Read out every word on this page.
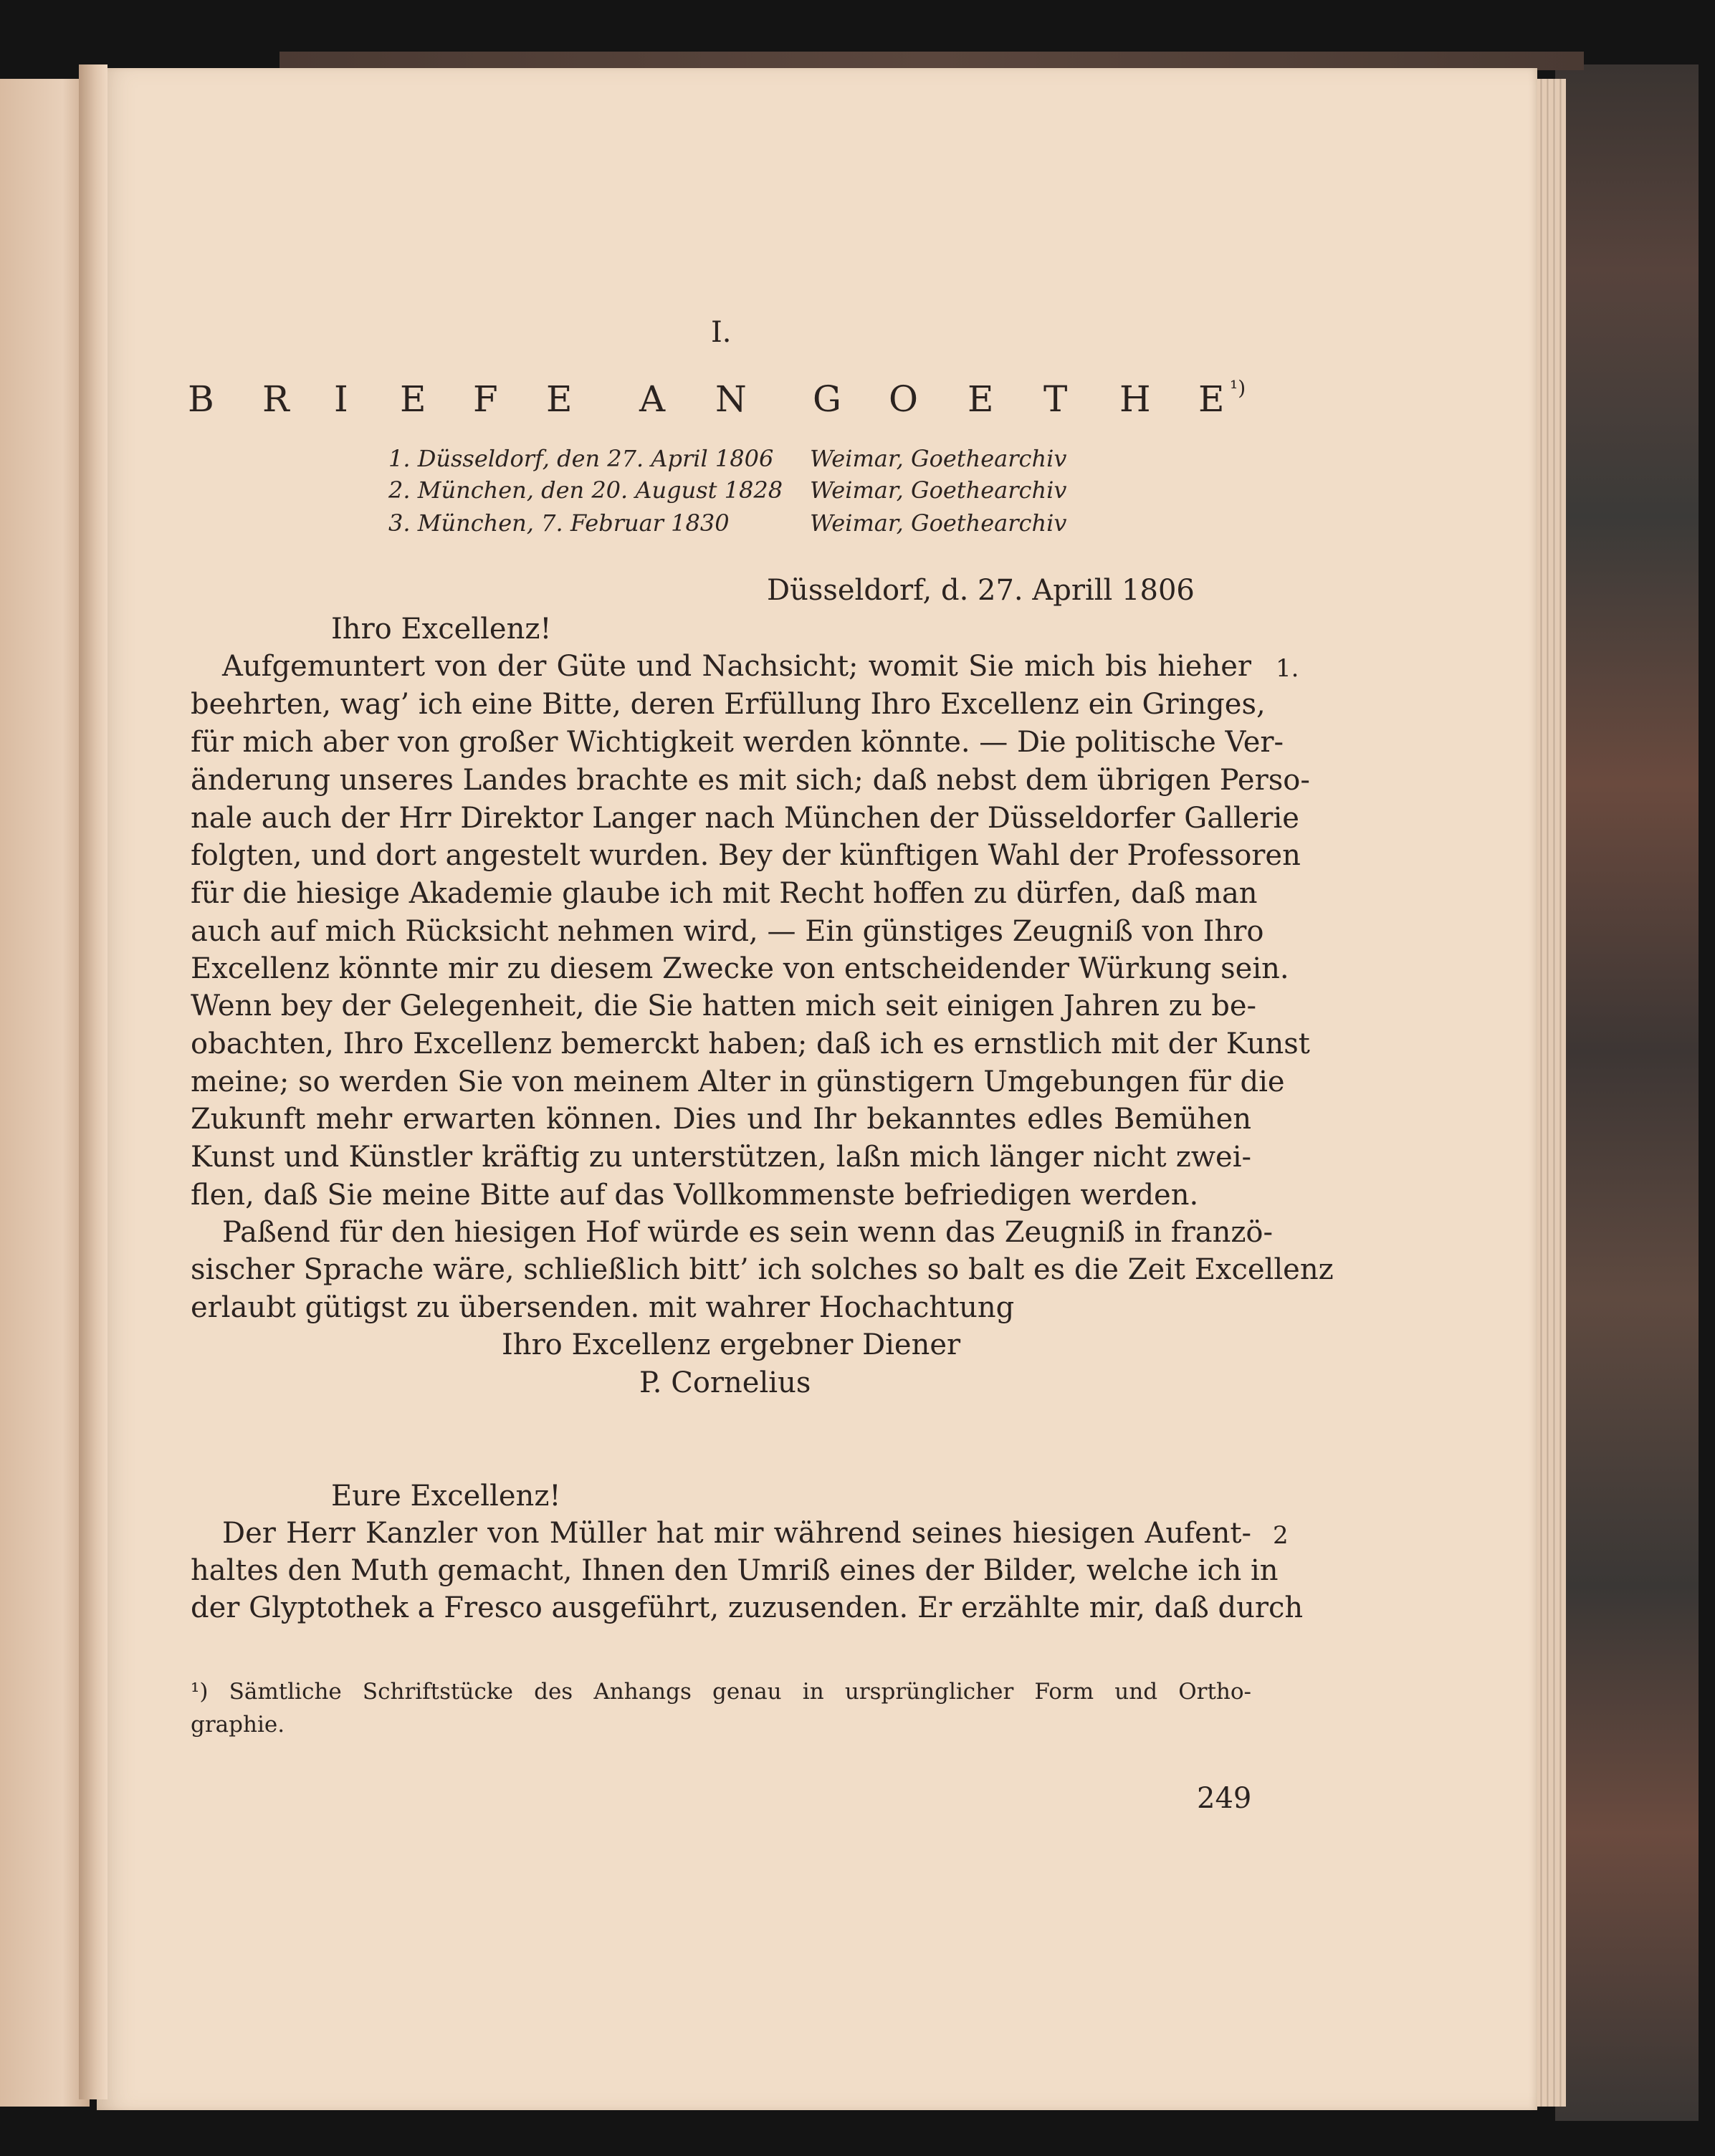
I.
B R I E F E A N G O E T H E ¹)
1. Düsseldorf, den 27. April 1806 Weimar, Goethearchiv
2. München, den 20. August 1828 Weimar, Goethearchiv
3. München, 7. Februar 1830	Weimar, Goethearchiv
Düsseldorf, d. 27. Aprill 1806
Ihro Excellenz!
1.
Aufgemuntert von der Güte und Nachsicht; womit Sie mich bis hieher
beehrten, wag’ ich eine Bitte, deren Erfüllung Ihro Excellenz ein Gringes,
für mich aber von großer Wichtigkeit werden könnte. — Die politische Ver-
änderung unseres Landes brachte es mit sich; daß nebst dem übrigen Perso-
nale auch der Hrr Direktor Langer nach München der Düsseldorfer Gallerie
folgten, und dort angestelt wurden. Bey der künftigen Wahl der Professoren
für die hiesige Akademie glaube ich mit Recht hoffen zu dürfen, daß man
auch auf mich Rücksicht nehmen wird, — Ein günstiges Zeugniß von Ihro
Excellenz könnte mir zu diesem Zwecke von entscheidender Würkung sein.
Wenn bey der Gelegenheit, die Sie hatten mich seit einigen Jahren zu be-
obachten, Ihro Excellenz bemerckt haben; daß ich es ernstlich mit der Kunst
meine; so werden Sie von meinem Alter in günstigern Umgebungen für die
Zukunft mehr erwarten können. Dies und Ihr bekanntes edles Bemühen
Kunst und Künstler kräftig zu unterstützen, laßn mich länger nicht zwei-
flen, daß Sie meine Bitte auf das Vollkommenste befriedigen werden.
Paßend für den hiesigen Hof würde es sein wenn das Zeugniß in franzö-
sischer Sprache wäre, schließlich bitt’ ich solches so balt es die Zeit Excellenz
erlaubt gütigst zu übersenden. mit wahrer Hochachtung
Ihro Excellenz ergebner Diener
P. Cornelius
Eure Excellenz!
2
Der Herr Kanzler von Müller hat mir während seines hiesigen Aufent-
haltes den Muth gemacht, Ihnen den Umriß eines der Bilder, welche ich in
der Glyptothek a Fresco ausgeführt, zuzusenden. Er erzählte mir, daß durch
¹) Sämtliche Schriftstücke des Anhangs genau in ursprünglicher Form und Ortho-
graphie.
249
